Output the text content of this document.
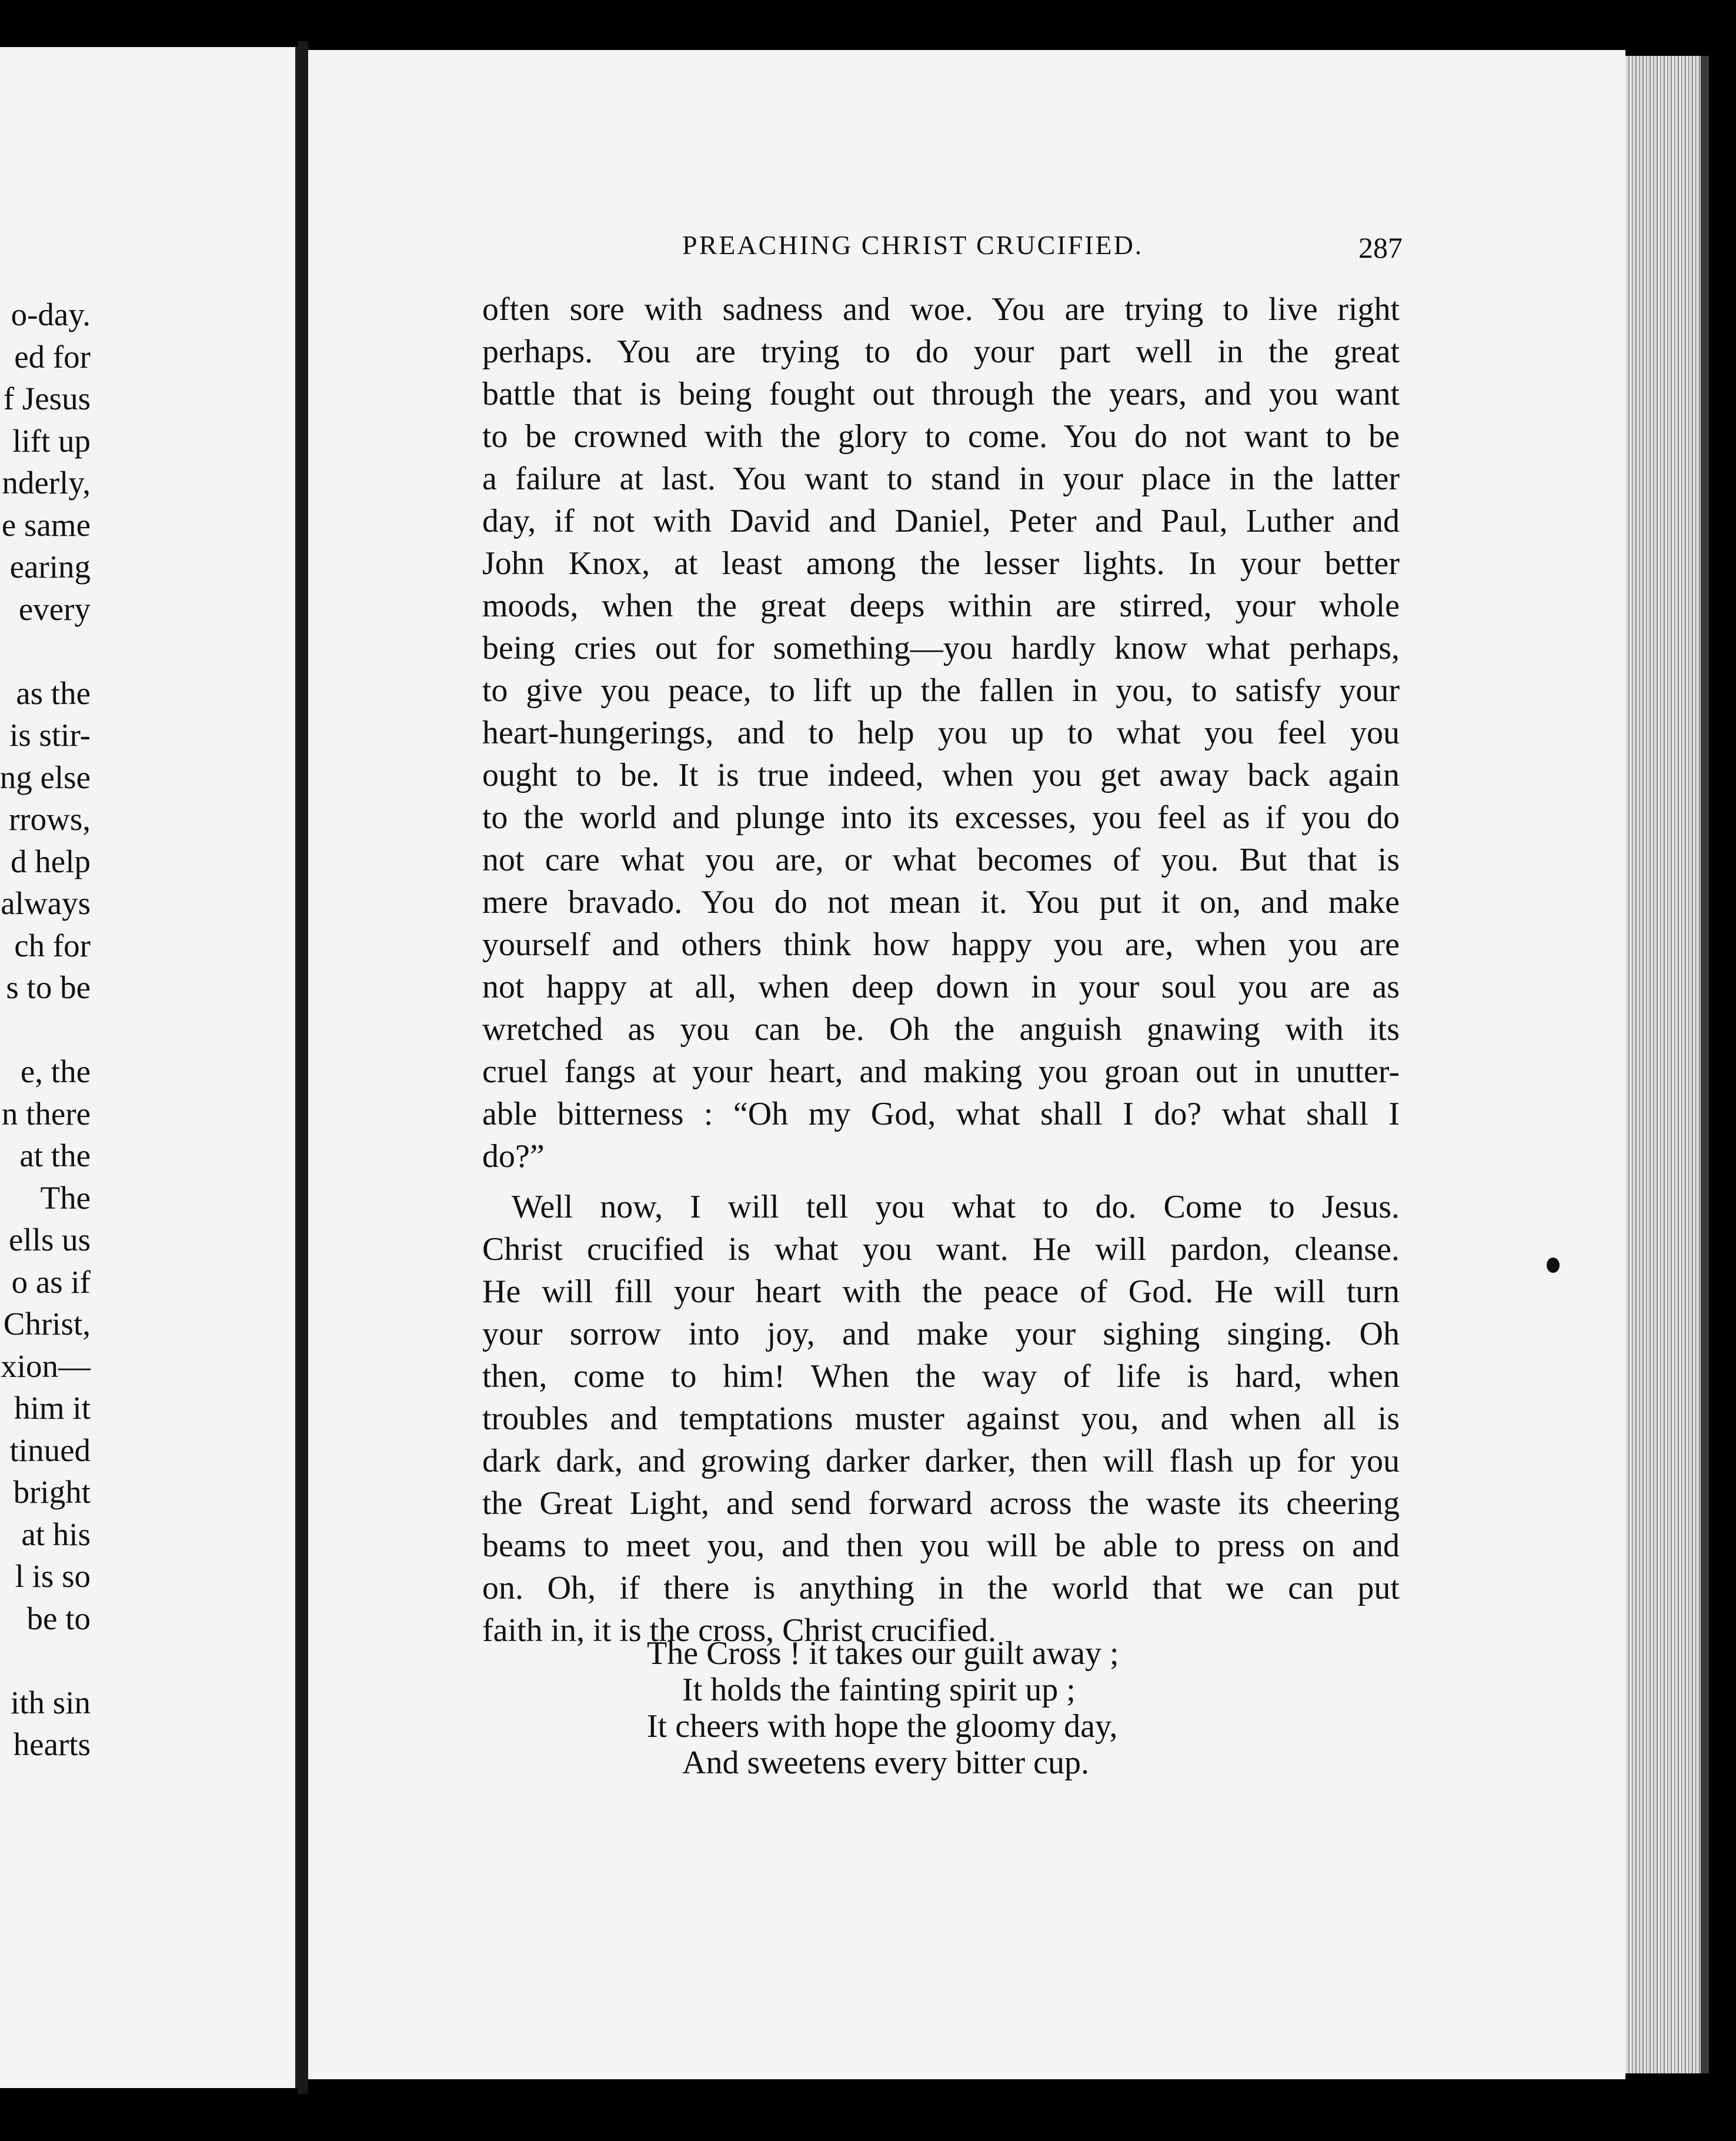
o-day.
ed for
f Jesus
lift up
nderly,
e same
earing
every
as the
is stir-
ng else
rrows,
d help
always
ch for
s to be
e, the
n there
at the
The
ells us
o as if
Christ,
xion—
him it
tinued
bright
at his
l is so
be to
ith sin
hearts
PREACHING CHRIST CRUCIFIED.	287
often sore with sadness and woe. You are trying to live right
perhaps. You are trying to do your part well in the great
battle that is being fought out through the years, and you want
to be crowned with the glory to come. You do not want to be
a failure at last. You want to stand in your place in the latter
day, if not with David and Daniel, Peter and Paul, Luther and
John Knox, at least among the lesser lights. In your better
moods, when the great deeps within are stirred, your whole
being cries out for something—you hardly know what perhaps,
to give you peace, to lift up the fallen in you, to satisfy your
heart-hungerings, and to help you up to what you feel you
ought to be. It is true indeed, when you get away back again
to the world and plunge into its excesses, you feel as if you do
not care what you are, or what becomes of you. But that is
mere bravado. You do not mean it. You put it on, and make
yourself and others think how happy you are, when you are
not happy at all, when deep down in your soul you are as
wretched as you can be. Oh the anguish gnawing with its
cruel fangs at your heart, and making you groan out in unutter-
able bitterness : “Oh my God, what shall I do? what shall I
do?”
Well now, I will tell you what to do. Come to Jesus.
Christ crucified is what you want. He will pardon, cleanse.
He will fill your heart with the peace of God. He will turn
your sorrow into joy, and make your sighing singing. Oh
then, come to him! When the way of life is hard, when
troubles and temptations muster against you, and when all is
dark dark, and growing darker darker, then will flash up for you
the Great Light, and send forward across the waste its cheering
beams to meet you, and then you will be able to press on and
on. Oh, if there is anything in the world that we can put
faith in, it is the cross, Christ crucified.
The Cross ! it takes our guilt away ;
It holds the fainting spirit up ;
It cheers with hope the gloomy day,
And sweetens every bitter cup.
